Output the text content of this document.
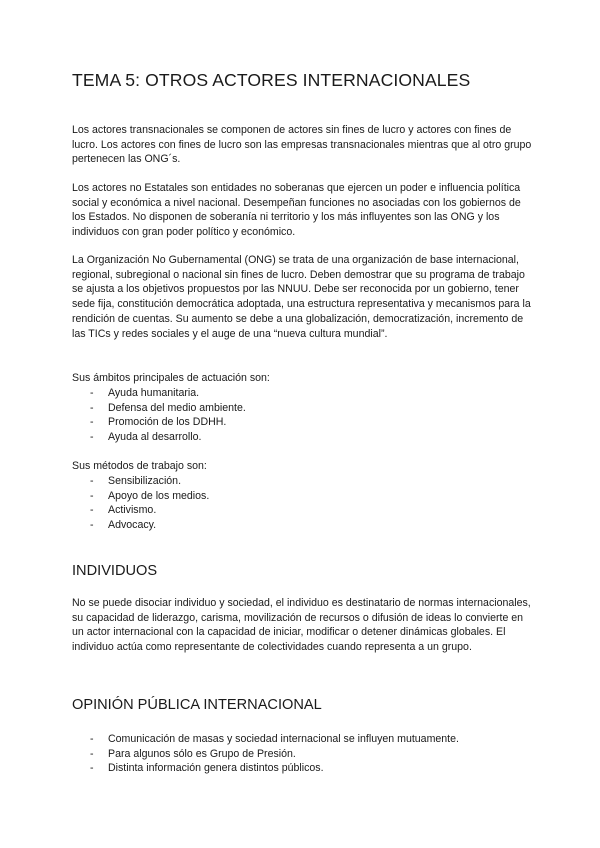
TEMA 5: OTROS ACTORES INTERNACIONALES

Los actores transnacionales se componen de actores sin fines de lucro y actores con fines de lucro. Los actores con fines de lucro son las empresas transnacionales mientras que al otro grupo pertenecen las ONG´s.

Los actores no Estatales son entidades no soberanas que ejercen un poder e influencia política social y económica a nivel nacional. Desempeñan funciones no asociadas con los gobiernos de los Estados. No disponen de soberanía ni territorio y los más influyentes son las ONG y los individuos con gran poder político y económico.

La Organización No Gubernamental (ONG) se trata de una organización de base internacional, regional, subregional o nacional sin fines de lucro. Deben demostrar que su programa de trabajo se ajusta a los objetivos propuestos por las NNUU. Debe ser reconocida por un gobierno, tener sede fija, constitución democrática adoptada, una estructura representativa y mecanismos para la rendición de cuentas. Su aumento se debe a una globalización, democratización, incremento de las TICs y redes sociales y el auge de una “nueva cultura mundial”.

Sus ámbitos principales de actuación son:

- Ayuda humanitaria.
- Defensa del medio ambiente.
- Promoción de los DDHH.
- Ayuda al desarrollo.

Sus métodos de trabajo son:

- Sensibilización.
- Apoyo de los medios.
- Activismo.
- Advocacy.
INDIVIDUOS

No se puede disociar individuo y sociedad, el individuo es destinatario de normas internacionales, su capacidad de liderazgo, carisma, movilización de recursos o difusión de ideas lo convierte en un actor internacional con la capacidad de iniciar, modificar o detener dinámicas globales. El individuo actúa como representante de colectividades cuando representa a un grupo.

OPINIÓN PÚBLICA INTERNACIONAL
- Comunicación de masas y sociedad internacional se influyen mutuamente.
- Para algunos sólo es Grupo de Presión.
- Distinta información genera distintos públicos.
